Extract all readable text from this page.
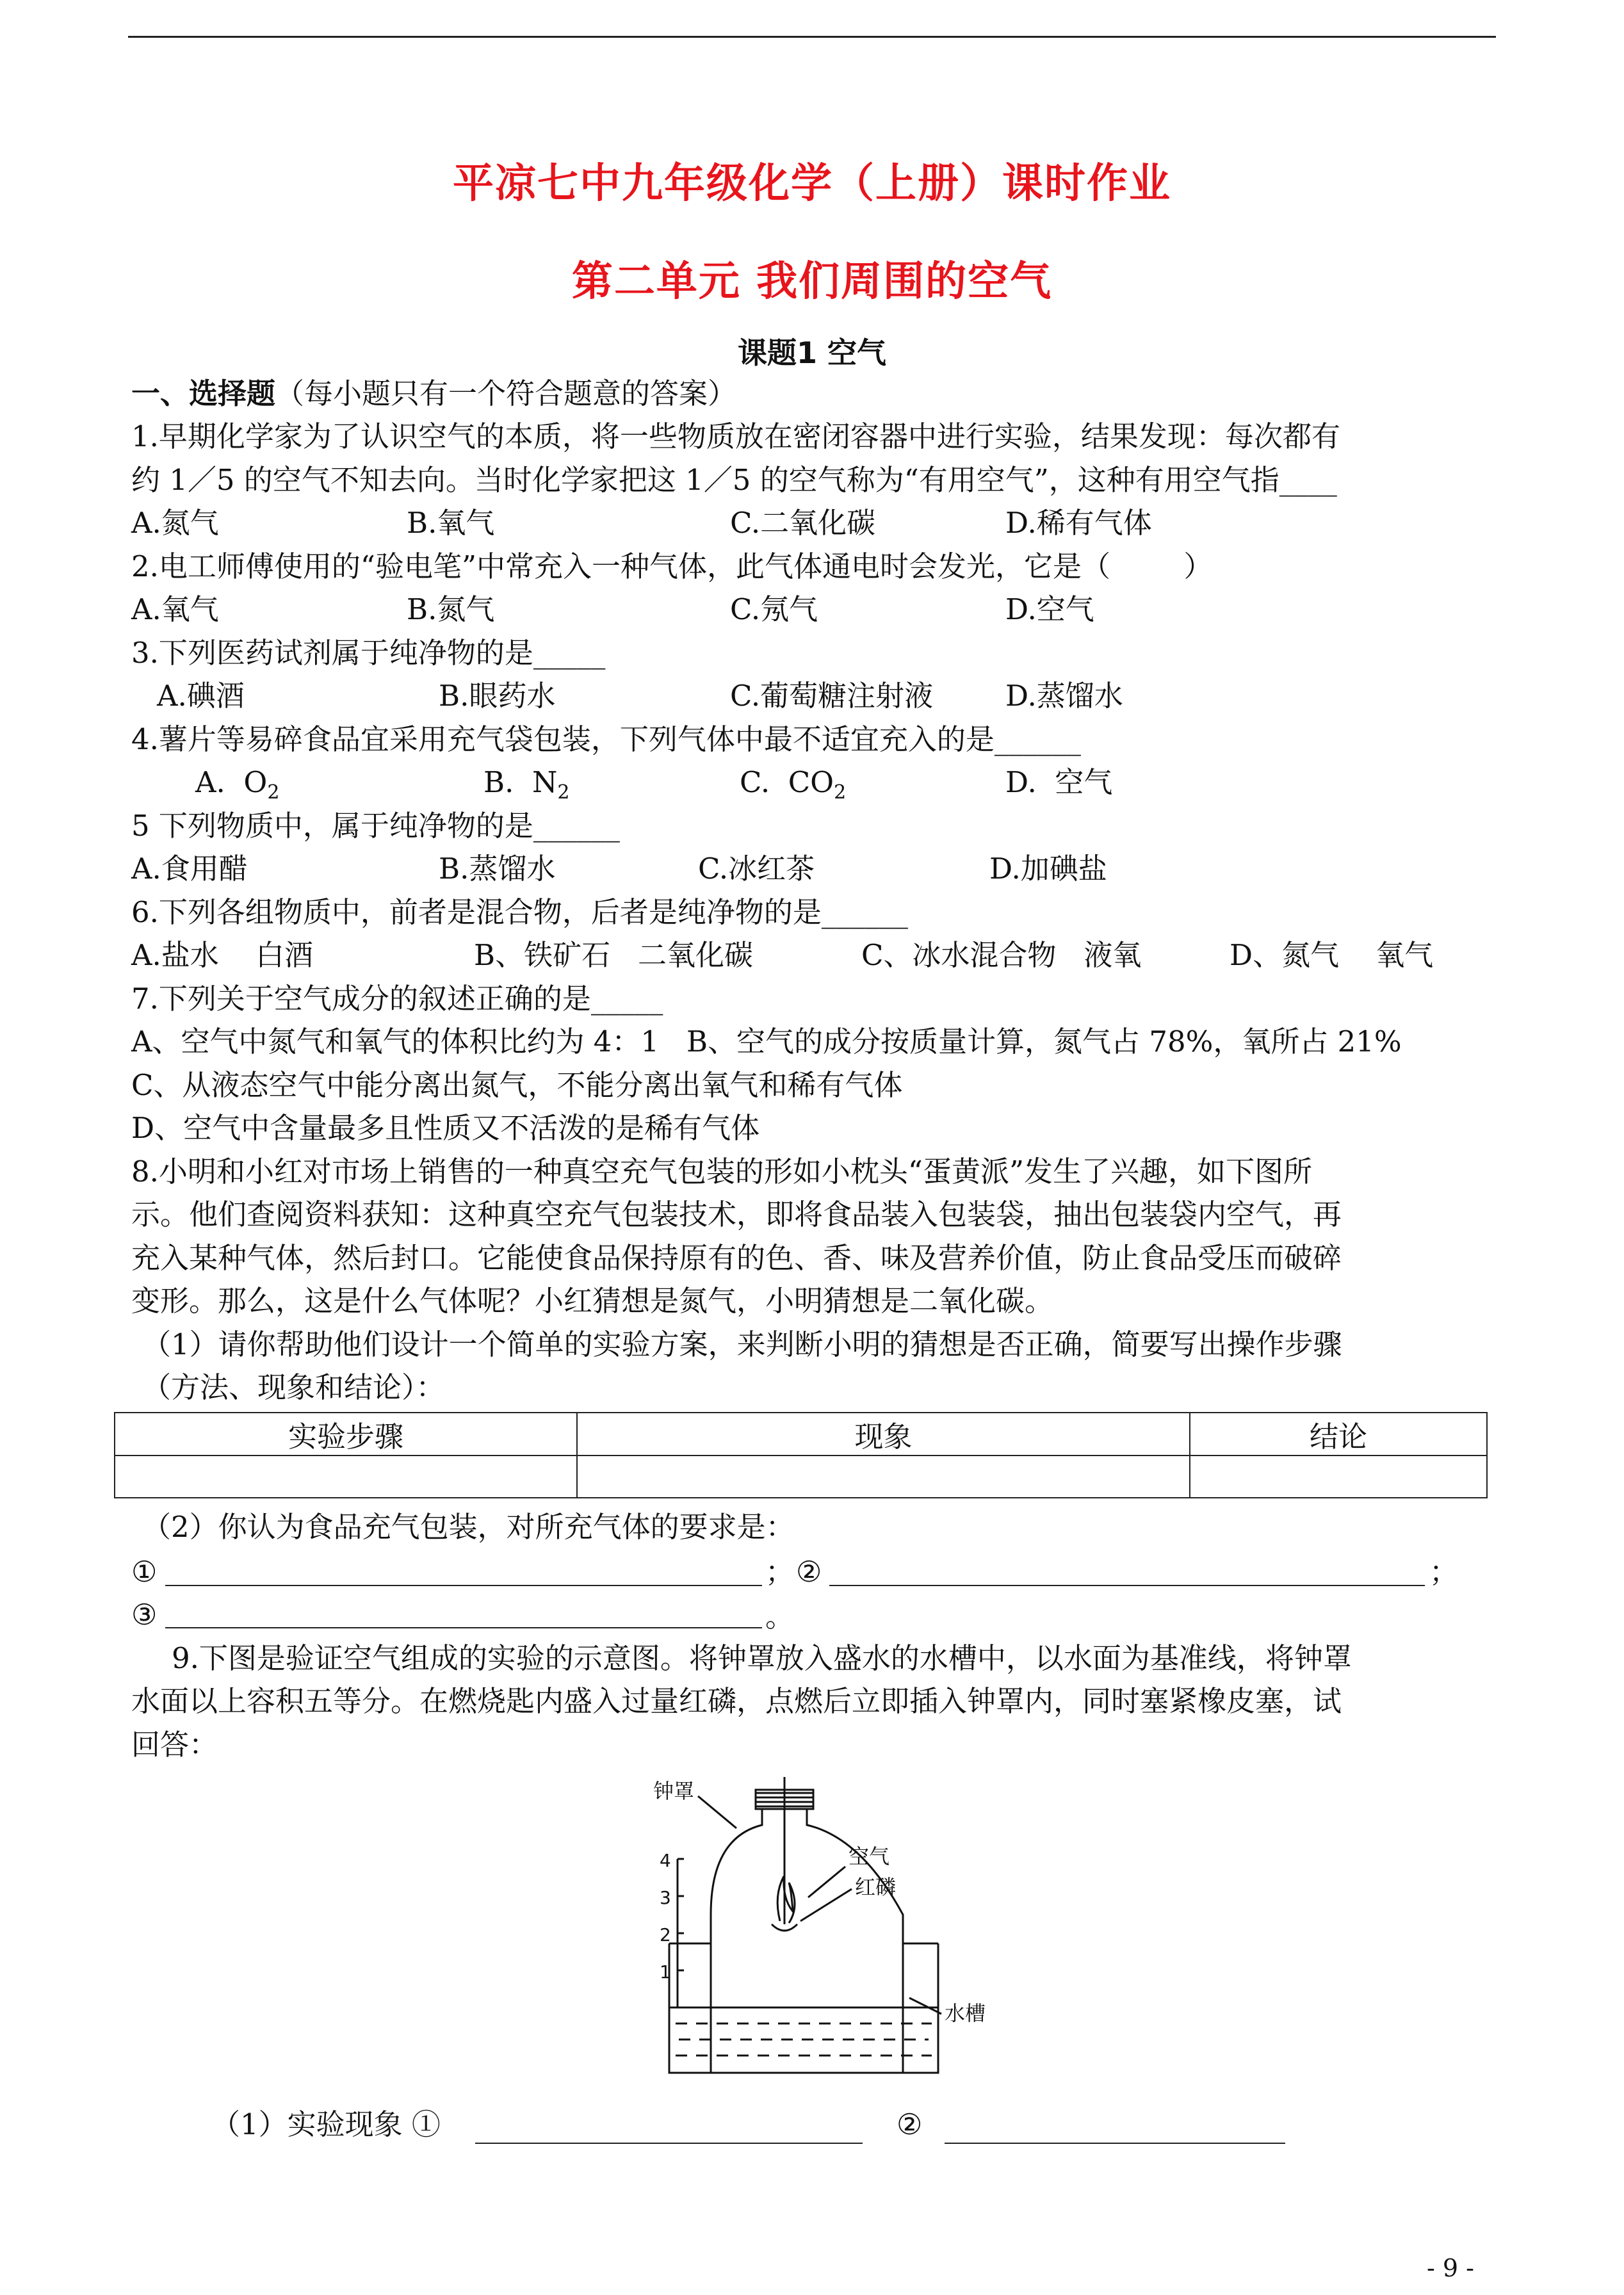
平凉七中九年级化学（上册）课时作业
第二单元 我们周围的空气
课题1 空气
一、选择题（每小题只有一个符合题意的答案）
1.早期化学家为了认识空气的本质，将一些物质放在密闭容器中进行实验，结果发现：每次都有
约 1／5 的空气不知去向。当时化学家把这 1／5 的空气称为“有用空气”，这种有用空气指____
A.氮气	B.氧气	C.二氧化碳	D.稀有气体
2.电工师傅使用的“验电笔”中常充入一种气体，此气体通电时会发光，它是（        ）
A.氧气	B.氮气	C.氖气	D.空气
3.下列医药试剂属于纯净物的是_____
A.碘酒	B.眼药水	C.葡萄糖注射液	D.蒸馏水
4.薯片等易碎食品宜采用充气袋包装，下列气体中最不适宜充入的是______
A.  $O_2$	B.  $N_2$	C.  $CO_2$	D.  空气
5 下列物质中，属于纯净物的是______
A.食用醋	B.蒸馏水	C.冰红茶	D.加碘盐
6.下列各组物质中，前者是混合物，后者是纯净物的是______
A.盐水    白酒	B、铁矿石   二氧化碳	C、冰水混合物   液氧	D、氮气    氧气
7.下列关于空气成分的叙述正确的是_____
A、空气中氮气和氧气的体积比约为 4：1   B、空气的成分按质量计算，氮气占 78%，氧所占 21%
C、从液态空气中能分离出氮气，不能分离出氧气和稀有气体
D、空气中含量最多且性质又不活泼的是稀有气体
8.小明和小红对市场上销售的一种真空充气包装的形如小枕头“蛋黄派”发生了兴趣，如下图所
示。他们查阅资料获知：这种真空充气包装技术，即将食品装入包装袋，抽出包装袋内空气，再
充入某种气体，然后封口。它能使食品保持原有的色、香、味及营养价值，防止食品受压而破碎
变形。那么，这是什么气体呢？小红猜想是氮气，小明猜想是二氧化碳。
（1）请你帮助他们设计一个简单的实验方案，来判断小明的猜想是否正确，简要写出操作步骤
（方法、现象和结论）：
实验步骤	现象	结论

（2）你认为食品充气包装，对所充气体的要求是：
①	； ②	；
③	。
9.下图是验证空气组成的实验的示意图。将钟罩放入盛水的水槽中，以水面为基准线，将钟罩
水面以上容积五等分。在燃烧匙内盛入过量红磷，点燃后立即插入钟罩内，同时塞紧橡皮塞，试
回答：
钟罩
空气
红磷
水槽
4
3
2
1
（1）实验现象 ①	②
- 9 -
